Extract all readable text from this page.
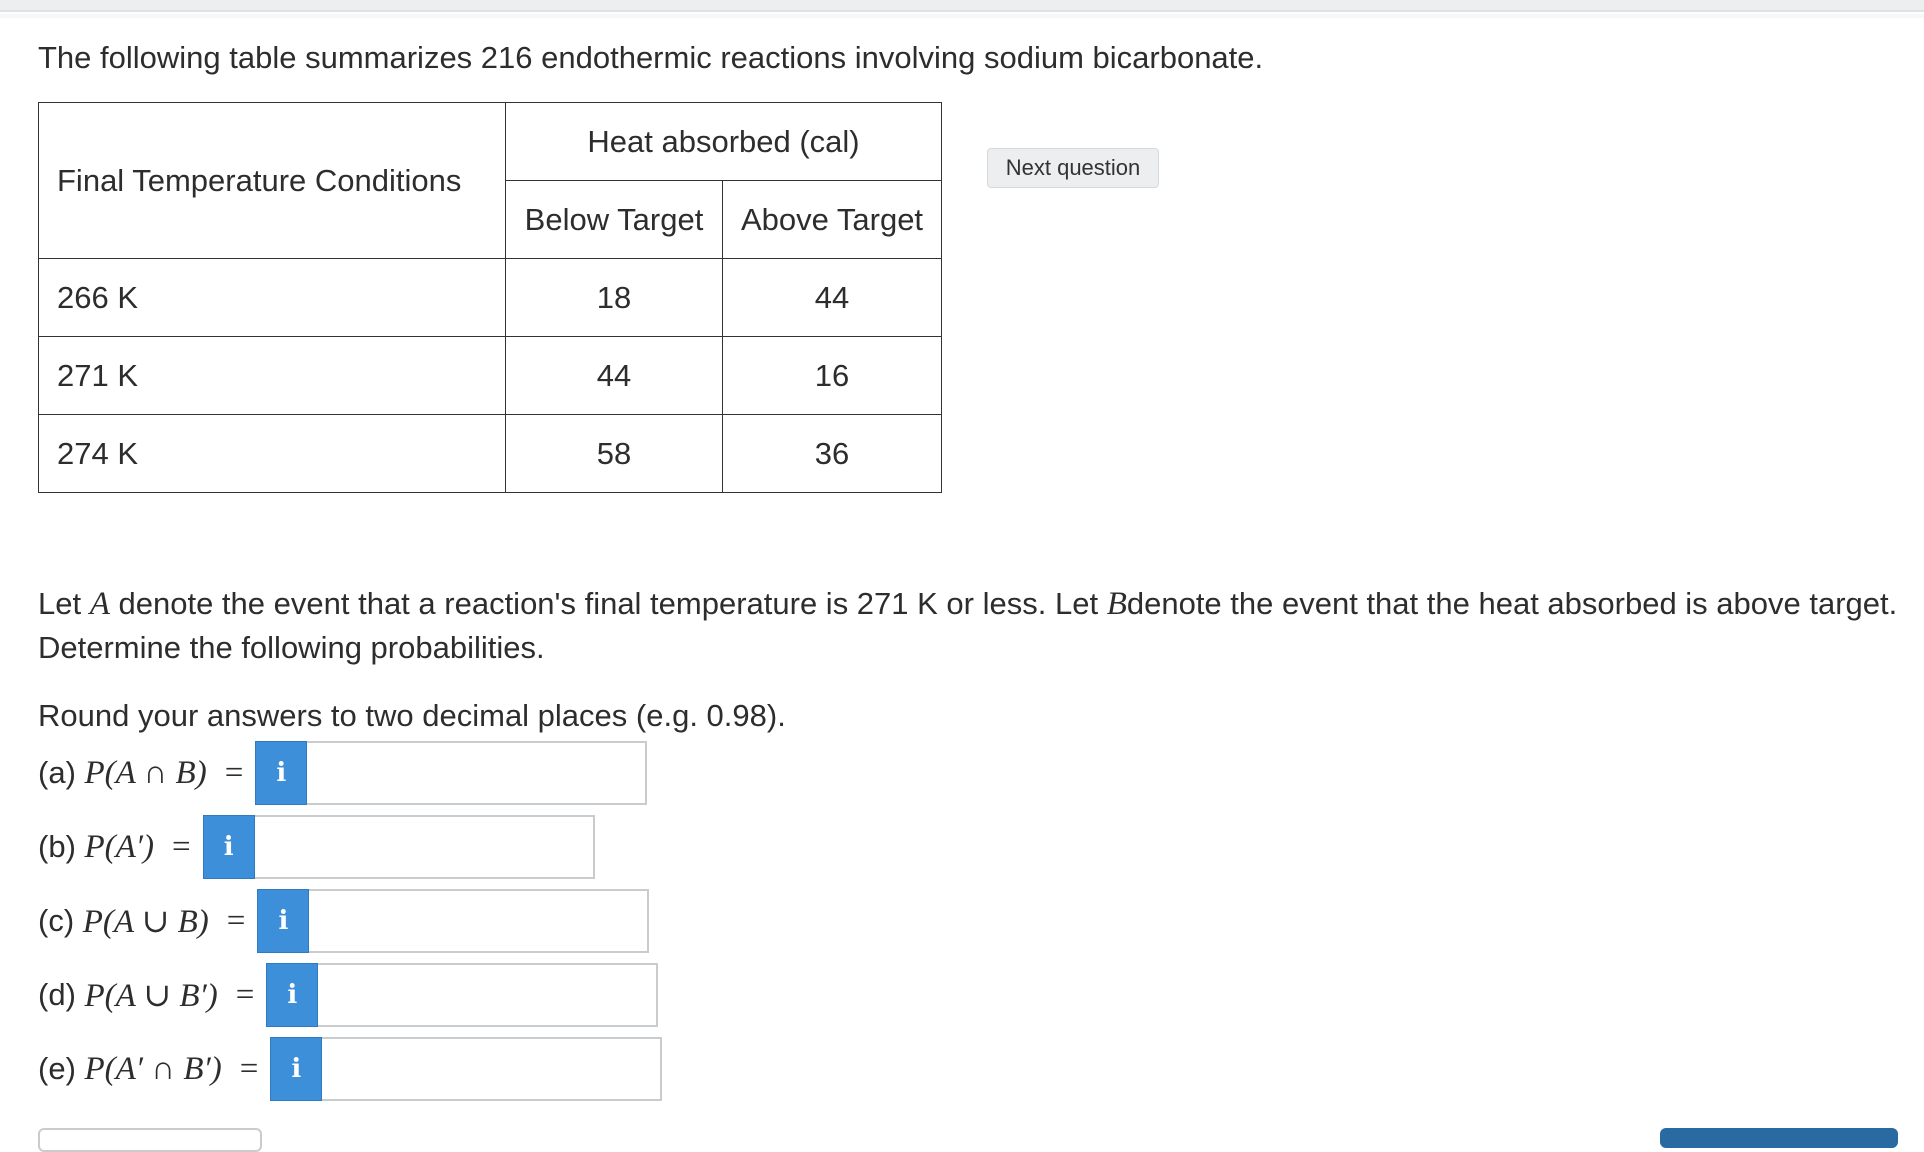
The following table summarizes 216 endothermic reactions involving sodium bicarbonate.
Final Temperature Conditions	Heat absorbed (cal)	
	Below Target	Above Target
266 K	18	44
271 K	44	16
274 K	58	36
Next question
Let A denote the event that a reaction's final temperature is 271 K or less. Let Bdenote the event that the heat absorbed is above target. Determine the following probabilities.
Round your answers to two decimal places (e.g. 0.98).
(a) P(A ∩ B) =	i
(b) P(A′) =	i
(c) P(A ∪ B) =	i
(d) P(A ∪ B′) =	i
(e) P(A′ ∩ B′) =	i
